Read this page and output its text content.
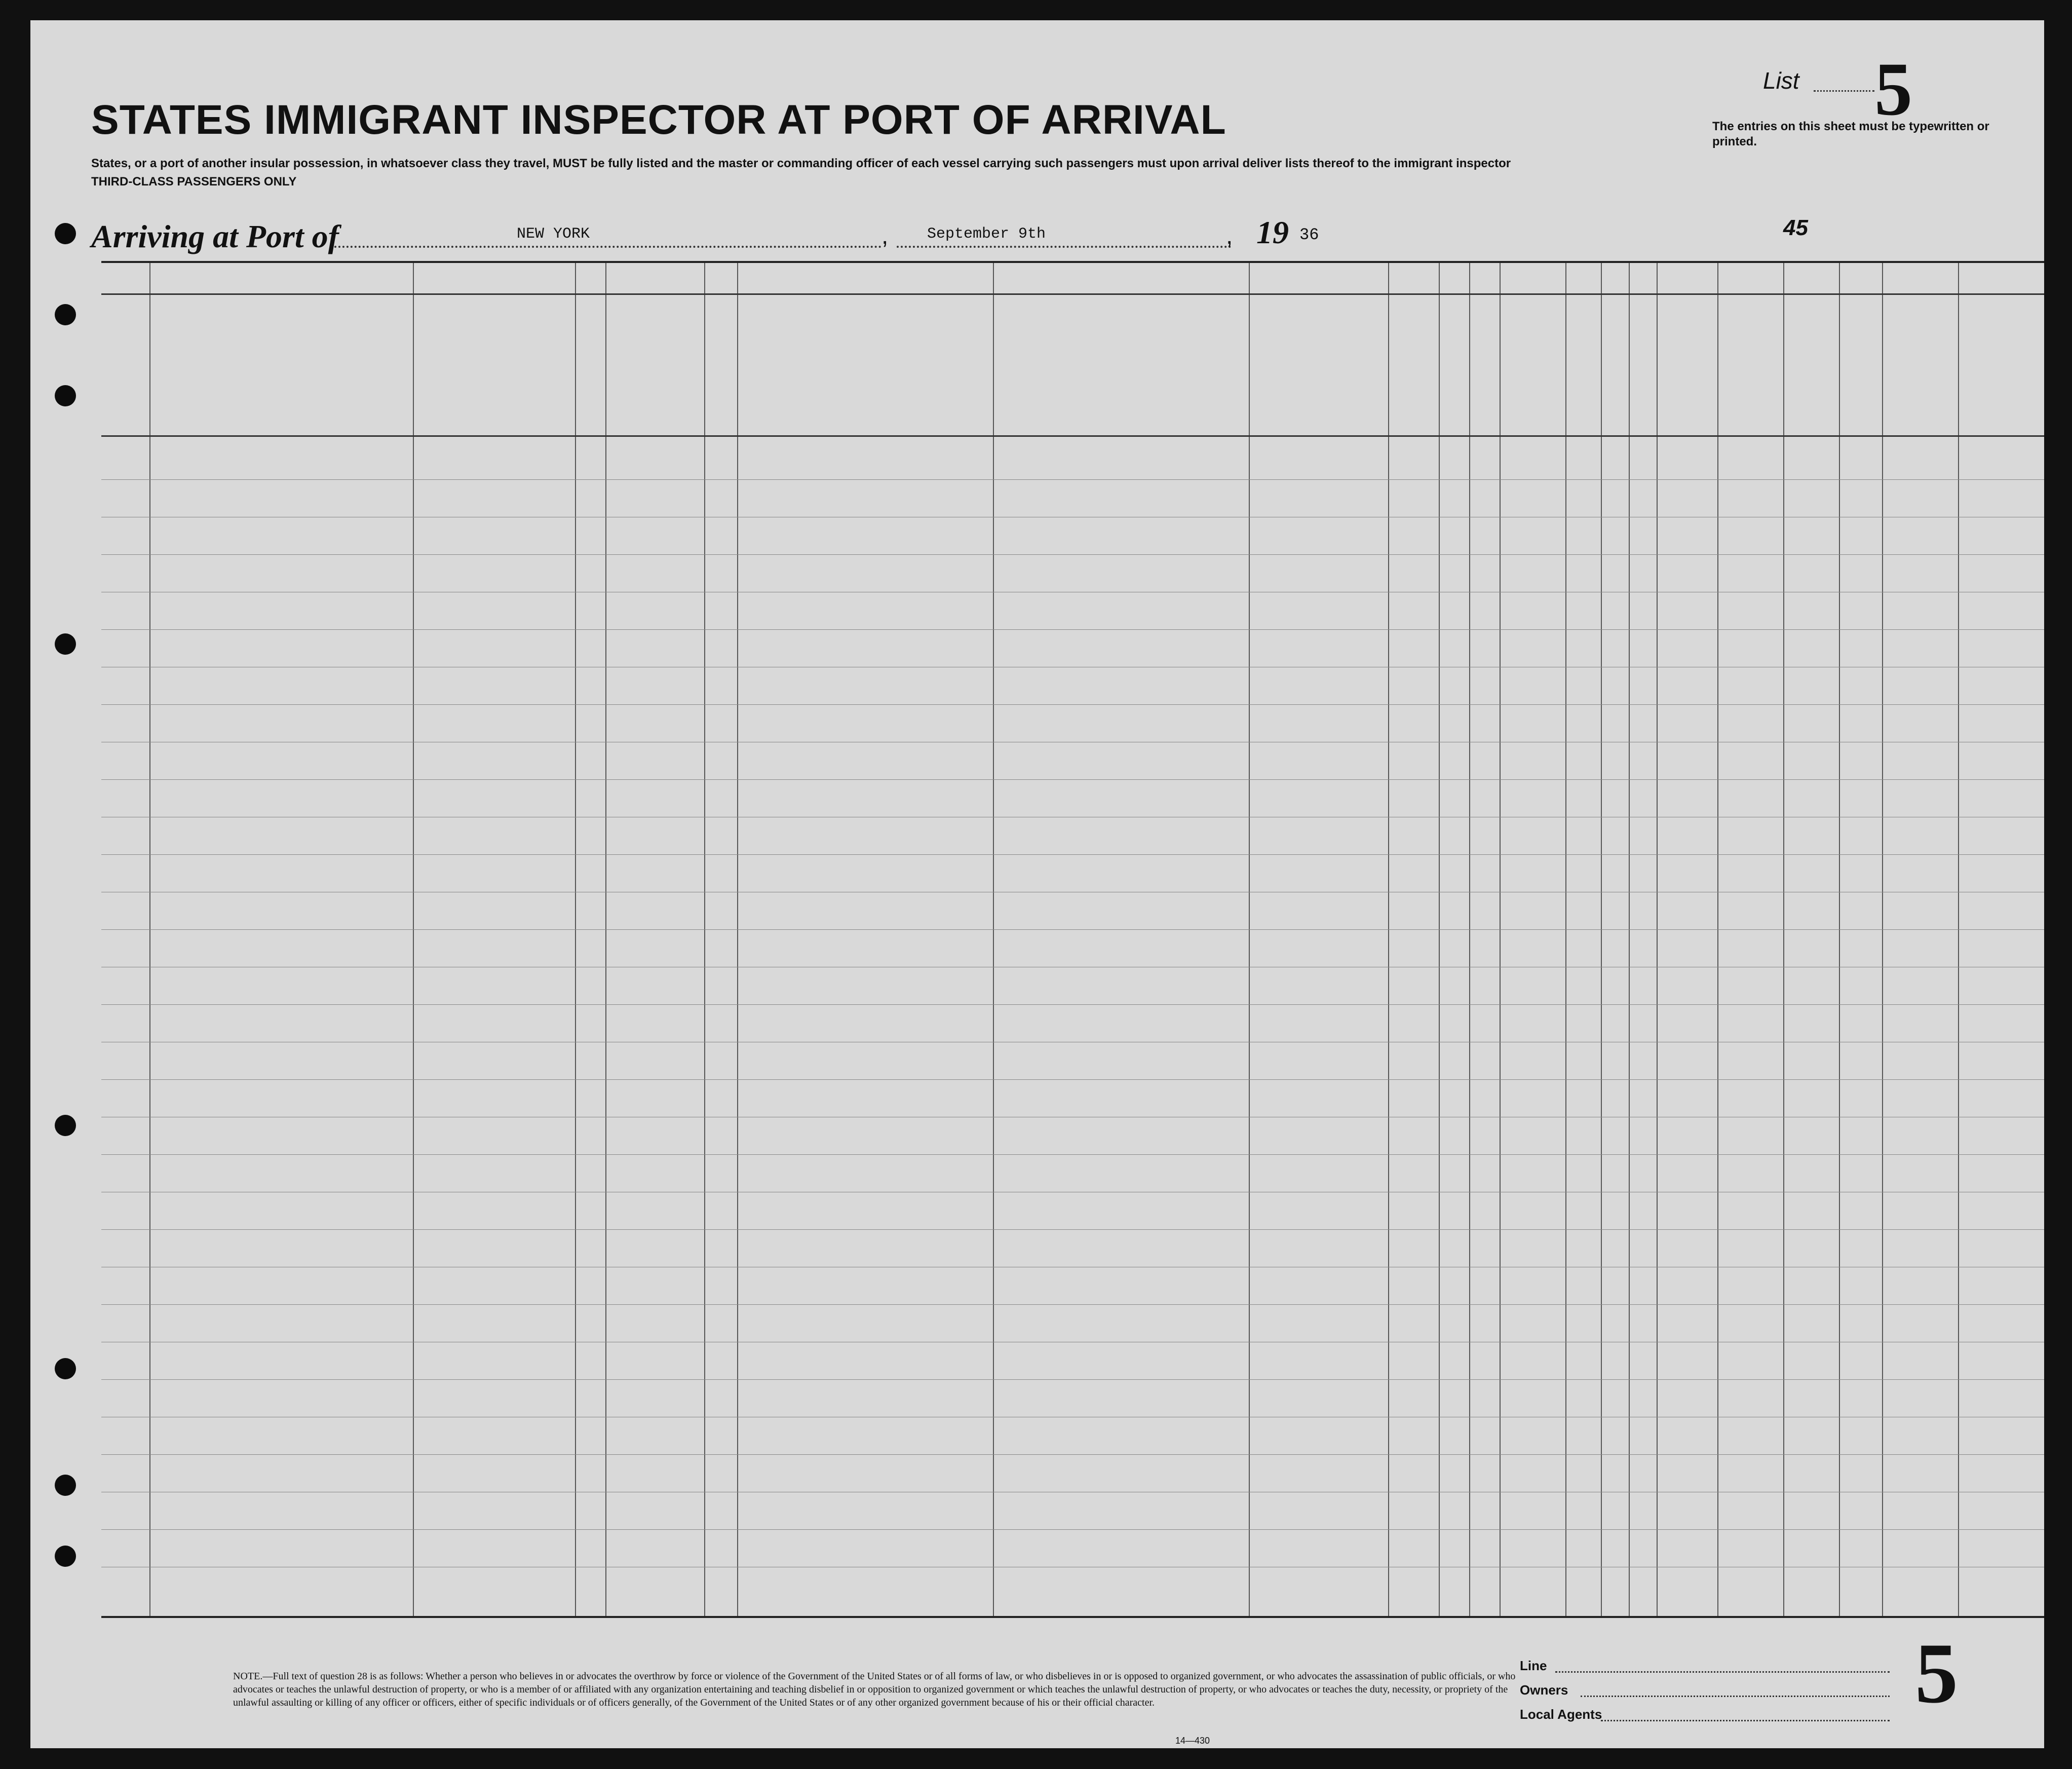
STATES IMMIGRANT INSPECTOR AT PORT OF ARRIVAL
States, or a port of another insular possession, in whatsoever class they travel, MUST be fully listed and the master or commanding officer of each vessel carrying such passengers must upon arrival deliver lists thereof to the immigrant inspector
THIRD-CLASS PASSENGERS ONLY
List 5
The entries on this sheet must be typewritten or printed.
Arriving at Port of	NEW YORK	September 9th
,	, 19 36	45
NOTE.—Full text of question 28 is as follows: Whether a person who believes in or advocates the overthrow by force or violence of the Government of the United States or of all forms of law, or who disbelieves in or is opposed to organized government, or who advocates the assassination of public officials, or who advocates or teaches the unlawful destruction of property, or who is a member of or affiliated with any organization entertaining and teaching disbelief in or opposition to organized government or which teaches the unlawful destruction of property, or who advocates or teaches the duty, necessity, or propriety of the unlawful assaulting or killing of any officer or officers, either of specific individuals or of officers generally, of the Government of the United States or of any other organized government because of his or their official character.
Line
Owners
Local Agents	5
14—430
